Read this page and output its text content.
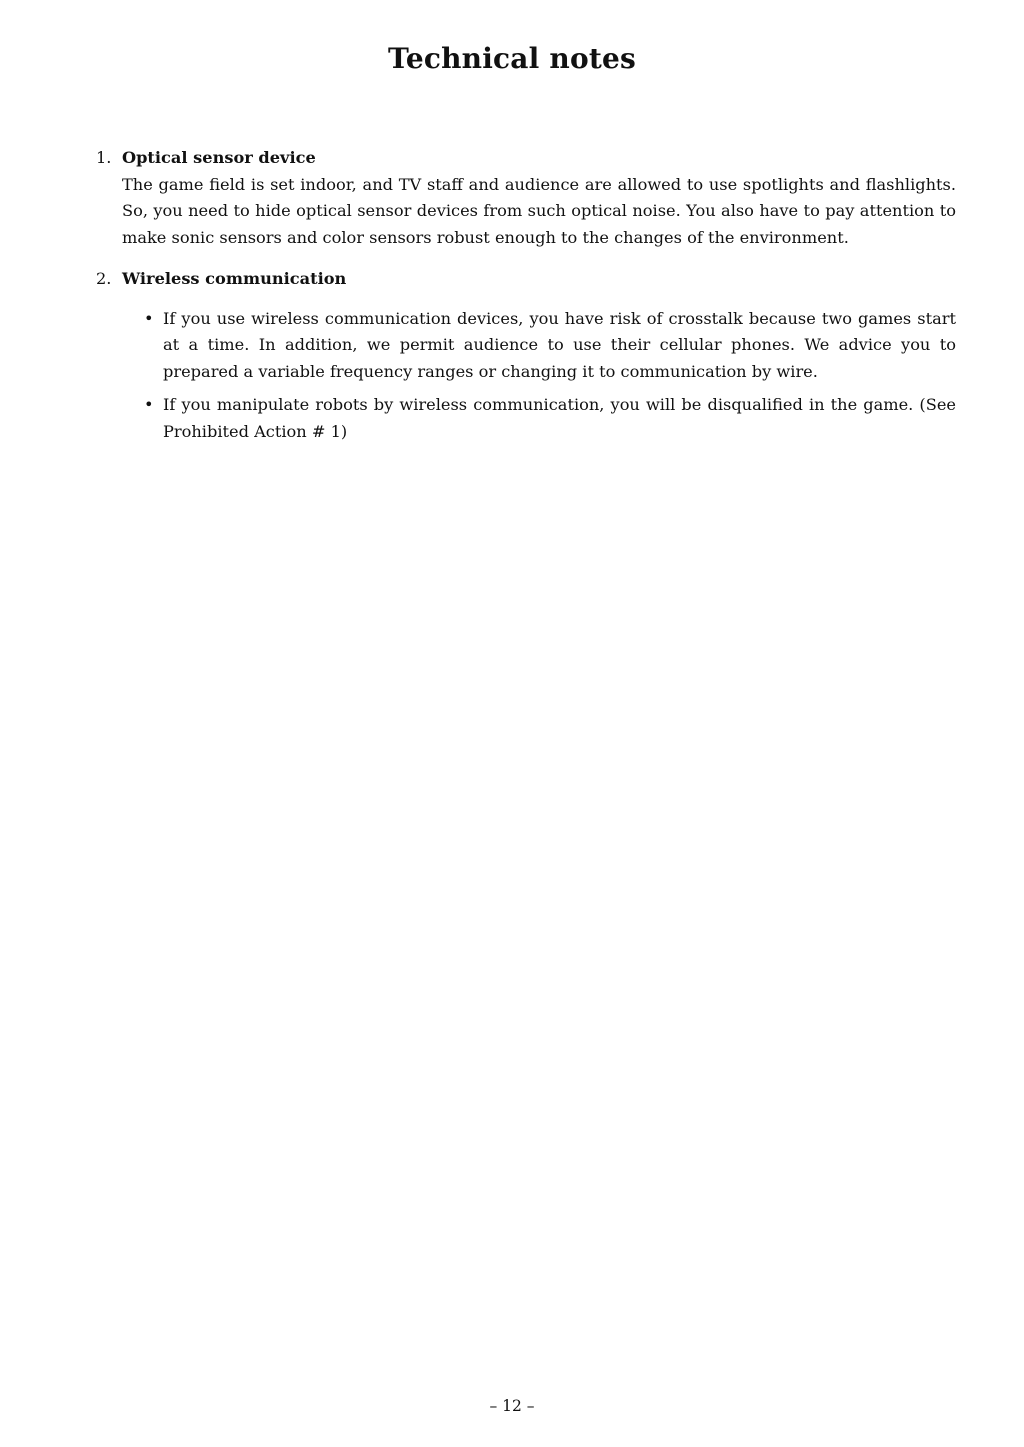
Technical notes
1. Optical sensor device
The game field is set indoor, and TV staff and audience are allowed to use spotlights and flashlights. So, you need to hide optical sensor devices from such optical noise. You also have to pay attention to make sonic sensors and color sensors robust enough to the changes of the environment.
2. Wireless communication
• If you use wireless communication devices, you have risk of crosstalk because two games start at a time. In addition, we permit audience to use their cellular phones. We advice you to prepared a variable frequency ranges or changing it to communication by wire.
• If you manipulate robots by wireless communication, you will be disqualified in the game. (See Prohibited Action # 1)
– 12 –
